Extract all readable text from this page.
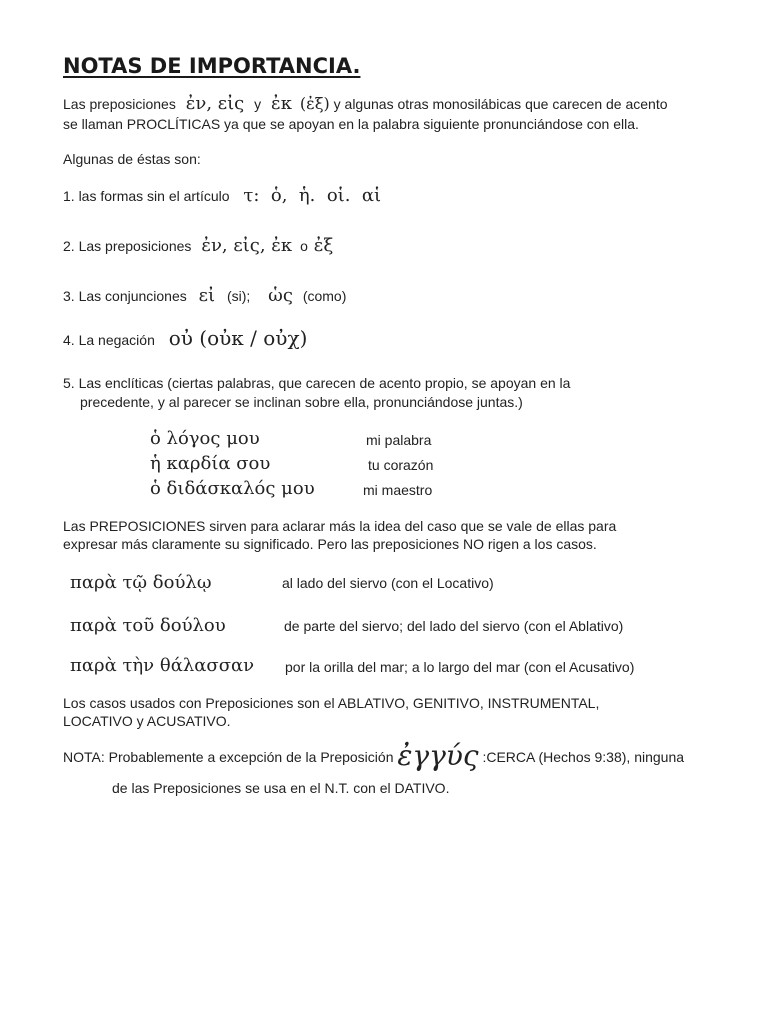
NOTAS DE IMPORTANCIA.
Las preposiciones ἐν, εἰς y ἐκ (ἐξ) y algunas otras monosilábicas que carecen de acento
se llaman PROCLÍTICAS ya que se apoyan en la palabra siguiente pronunciándose con ella.
Algunas de éstas son:
1. las formas sin el artículo τ:  ὁ,  ἡ.  οἱ.  αἱ
2. Las preposiciones ἐν, εἰς, ἐκ o ἐξ
3. Las conjunciones εἰ (si); ὡς (como)
4. La negación οὐ (οὐκ / οὐχ)
5. Las enclíticas (ciertas palabras, que carecen de acento propio, se apoyan en la
precedente, y al parecer se inclinan sobre ella, pronunciándose juntas.)
ὁ λόγος μου	mi palabra
ἡ καρδία σου	tu corazón
ὁ διδάσκαλός μου	mi maestro
Las PREPOSICIONES sirven para aclarar más la idea del caso que se vale de ellas para
expresar más claramente su significado. Pero las preposiciones NO rigen a los casos.
παρὰ τῷ δούλῳ	al lado del siervo (con el Locativo)
παρὰ τοῦ δούλου	de parte del siervo; del lado del siervo (con el Ablativo)
παρὰ τὴν θάλασσαν por la orilla del mar; a lo largo del mar (con el Acusativo)
Los casos usados con Preposiciones son el ABLATIVO, GENITIVO, INSTRUMENTAL,
LOCATIVO y ACUSATIVO.
NOTA: Probablemente a excepción de la Preposición ἐγγύς :CERCA (Hechos 9:38), ninguna
de las Preposiciones se usa en el N.T. con el DATIVO.
